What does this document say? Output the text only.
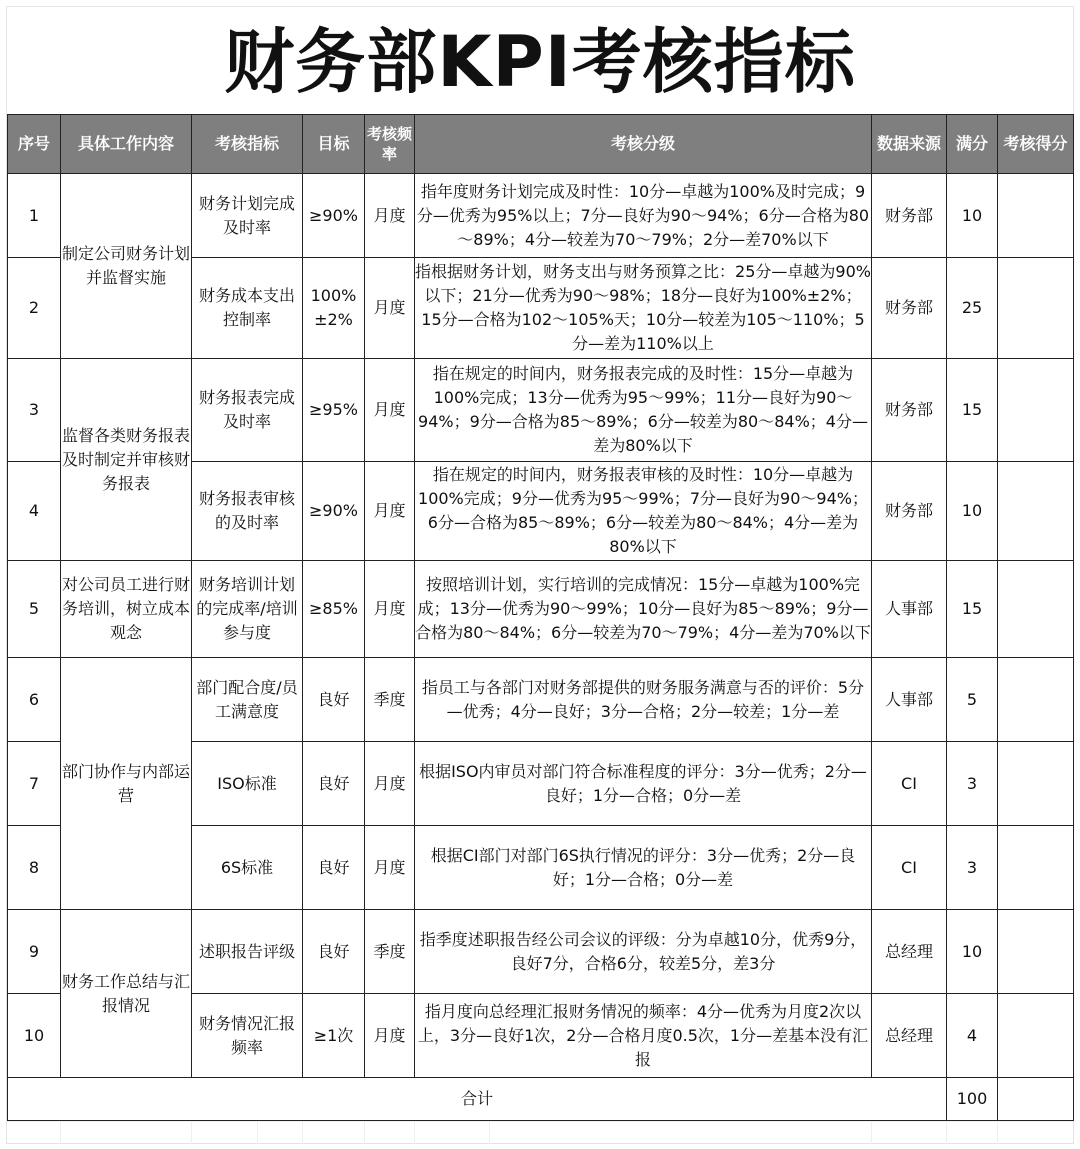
财务部KPI考核指标
序号	具体工作内容	考核指标	目标	考核频率	考核分级	数据来源	满分	考核得分
1	制定公司财务计划并监督实施	财务计划完成及时率	≥90%	月度	指年度财务计划完成及时性：10分—卓越为100%及时完成；9分—优秀为95%以上；7分—良好为90～94%；6分—合格为80～89%；4分—较差为70～79%；2分—差70%以下	财务部	10	
2		财务成本支出控制率	100%±2%	月度	指根据财务计划，财务支出与财务预算之比：25分—卓越为90%以下；21分—优秀为90～98%；18分—良好为100%±2%；15分—合格为102～105%天；10分—较差为105～110%；5分—差为110%以上	财务部	25	
3	监督各类财务报表及时制定并审核财务报表	财务报表完成及时率	≥95%	月度	指在规定的时间内，财务报表完成的及时性：15分—卓越为100%完成；13分—优秀为95～99%；11分—良好为90～94%；9分—合格为85～89%；6分—较差为80～84%；4分—差为80%以下	财务部	15	
4		财务报表审核的及时率	≥90%	月度	指在规定的时间内，财务报表审核的及时性：10分—卓越为100%完成；9分—优秀为95～99%；7分—良好为90～94%；6分—合格为85～89%；6分—较差为80～84%；4分—差为80%以下	财务部	10	
5	对公司员工进行财务培训，树立成本观念	财务培训计划的完成率/培训参与度	≥85%	月度	按照培训计划，实行培训的完成情况：15分—卓越为100%完成；13分—优秀为90～99%；10分—良好为85～89%；9分—合格为80～84%；6分—较差为70～79%；4分—差为70%以下	人事部	15	
6	部门协作与内部运营	部门配合度/员工满意度	良好	季度	指员工与各部门对财务部提供的财务服务满意与否的评价：5分—优秀；4分—良好；3分—合格；2分—较差；1分—差	人事部	5	
7		ISO标准	良好	月度	根据ISO内审员对部门符合标准程度的评分：3分—优秀；2分—良好；1分—合格；0分—差	CI	3	
8		6S标准	良好	月度	根据CI部门对部门6S执行情况的评分：3分—优秀；2分—良好；1分—合格；0分—差	CI	3	
9	财务工作总结与汇报情况	述职报告评级	良好	季度	指季度述职报告经公司会议的评级：分为卓越10分，优秀9分，良好7分，合格6分，较差5分，差3分	总经理	10	
10		财务情况汇报频率	≥1次	月度	指月度向总经理汇报财务情况的频率：4分—优秀为月度2次以上，3分—良好1次，2分—合格月度0.5次，1分—差基本没有汇报	总经理	4	
合计							100	
